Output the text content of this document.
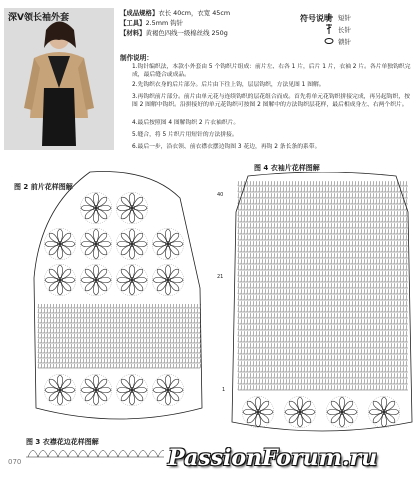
深V领长袖外套	【成品规格】衣长 40cm，衣宽 45cm
【工具】2.5mm 钩针
【材料】黄褐色四线一级棉丝线 250g
符号说明 短针
长针
锁针
制作说明：
1.钩针编织法，本款小外套由 5 个钩织片组成：前片左、右各 1 片，后片 1 片，衣袖 2 片。各片单独钩织完成，最后缝合或成品。
2.先钩织衣身的后片部分。后片由下往上钩，层层钩织，方法见图 1 图解。
3.再钩织前片部分。前片由单元花与连续钩织的层花组合而成。首先将单元花钩织拼接完成，再另起钩织，按图 2 图解中钩织。沿拼接好的单元花钩织可按图 2 图解中的方法钩织层花样，最后相成身左、右两个织片。
4.最后按照图 4 图解钩织 2 片衣袖织片。
5.缝合，将 5 片织片用短针的方法拼接。
6.最后一步，沿衣领、前衣襟衣摆边钩图 3 花边，再钩 2 条长条的系带。
图 2 前片花样图解
图 4 衣袖片花样图解
图 3 衣襟花边花样图解
40
21
1
070	PassionForum.ru
